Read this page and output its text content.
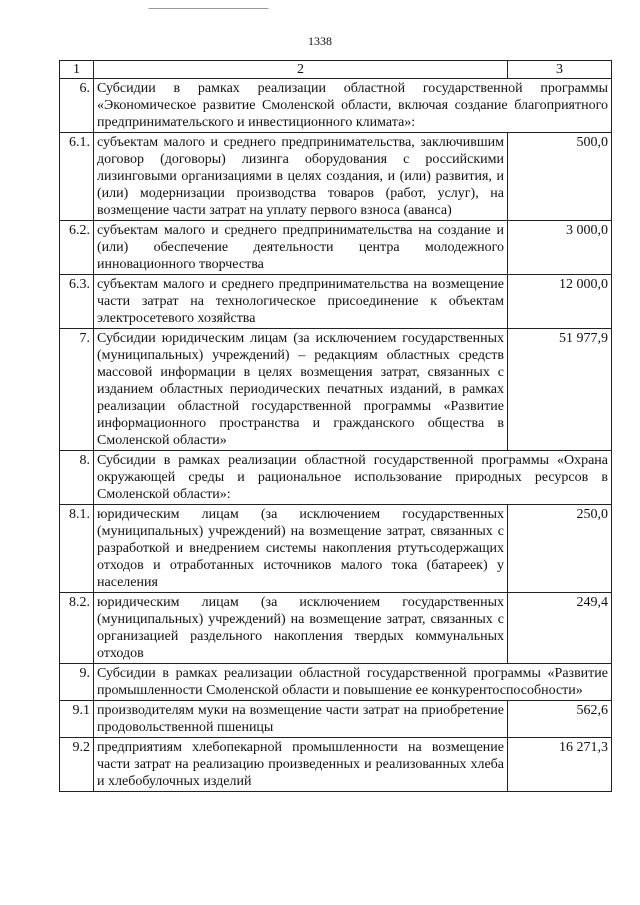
1338
1	2	3
6.	Субсидии в рамках реализации областной государственной программы «Экономическое развитие Смоленской области, включая создание благоприятного предпринимательского и инвестиционного климата»:	
6.1.	субъектам малого и среднего предпринимательства, заключившим договор (договоры) лизинга оборудования с российскими лизинговыми организациями в целях создания, и (или) развития, и (или) модернизации производства товаров (работ, услуг), на возмещение части затрат на уплату первого взноса (аванса)	500,0
6.2.	субъектам малого и среднего предпринимательства на создание и (или) обеспечение деятельности центра молодежного инновационного творчества	3 000,0
6.3.	субъектам малого и среднего предпринимательства на возмещение части затрат на технологическое присоединение к объектам электросетевого хозяйства	12 000,0
7.	Субсидии юридическим лицам (за исключением государственных (муниципальных) учреждений) – редакциям областных средств массовой информации в целях возмещения затрат, связанных с изданием областных периодических печатных изданий, в рамках реализации областной государственной программы «Развитие информационного пространства и гражданского общества в Смоленской области»	51 977,9
8.	Субсидии в рамках реализации областной государственной программы «Охрана окружающей среды и рациональное использование природных ресурсов в Смоленской области»:	
8.1.	юридическим лицам (за исключением государственных (муниципальных) учреждений) на возмещение затрат, связанных с разработкой и внедрением системы накопления ртутьсодержащих отходов и отработанных источников малого тока (батареек) у населения	250,0
8.2.	юридическим лицам (за исключением государственных (муниципальных) учреждений) на возмещение затрат, связанных с организацией раздельного накопления твердых коммунальных отходов	249,4
9.	Субсидии в рамках реализации областной государственной программы «Развитие промышленности Смоленской области и повышение ее конкурентоспособности»	
9.1	производителям муки на возмещение части затрат на приобретение продовольственной пшеницы	562,6
9.2	предприятиям хлебопекарной промышленности на возмещение части затрат на реализацию произведенных и реализованных хлеба и хлебобулочных изделий	16 271,3
